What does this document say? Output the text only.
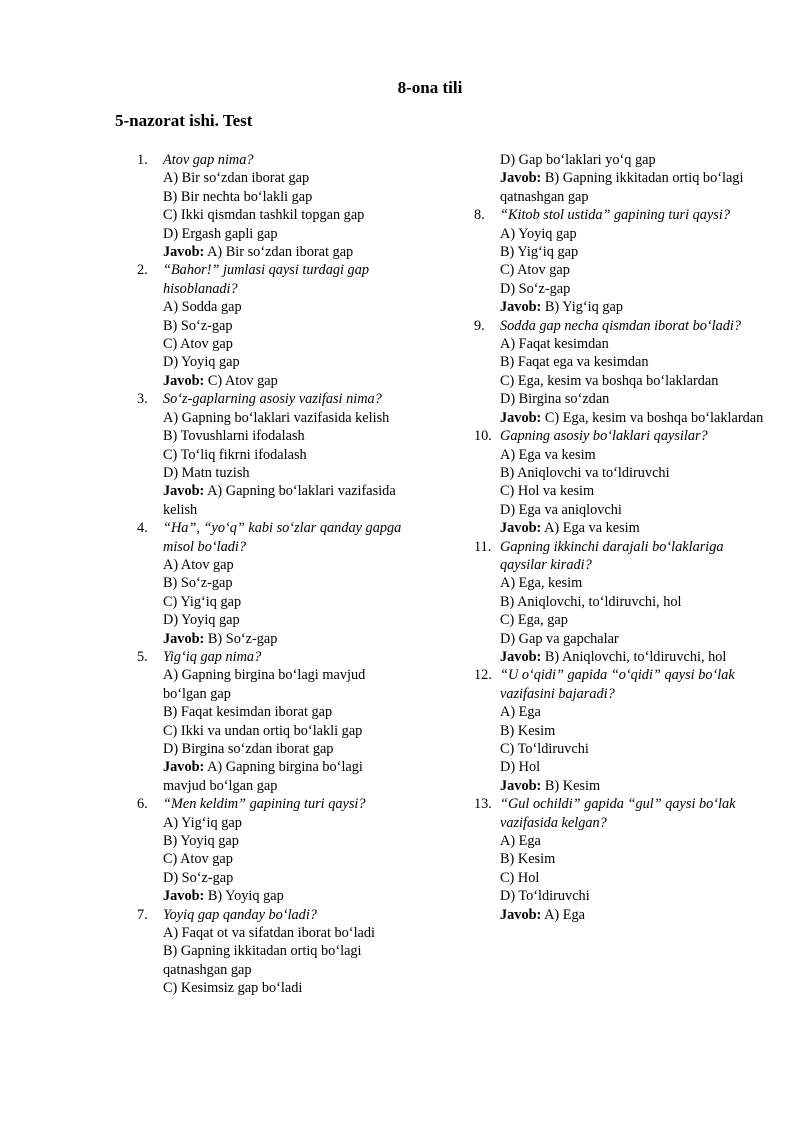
8-ona tili
5-nazorat ishi. Test
1. Atov gap nima?
A) Bir so‘zdan iborat gap
B) Bir nechta bo‘lakli gap
C) Ikki qismdan tashkil topgan gap
D) Ergash gapli gap
Javob: A) Bir so‘zdan iborat gap
2. “Bahor!” jumlasi qaysi turdagi gap hisoblanadi?
A) Sodda gap
B) So‘z-gap
C) Atov gap
D) Yoyiq gap
Javob: C) Atov gap
3. So‘z-gaplarning asosiy vazifasi nima?
A) Gapning bo‘laklari vazifasida kelish
B) Tovushlarni ifodalash
C) To‘liq fikrni ifodalash
D) Matn tuzish
Javob: A) Gapning bo‘laklari vazifasida kelish
4. “Ha”, “yo‘q” kabi so‘zlar qanday gapga misol bo‘ladi?
A) Atov gap
B) So‘z-gap
C) Yig‘iq gap
D) Yoyiq gap
Javob: B) So‘z-gap
5. Yig‘iq gap nima?
A) Gapning birgina bo‘lagi mavjud bo‘lgan gap
B) Faqat kesimdan iborat gap
C) Ikki va undan ortiq bo‘lakli gap
D) Birgina so‘zdan iborat gap
Javob: A) Gapning birgina bo‘lagi mavjud bo‘lgan gap
6. “Men keldim” gapining turi qaysi?
A) Yig‘iq gap
B) Yoyiq gap
C) Atov gap
D) So‘z-gap
Javob: B) Yoyiq gap
7. Yoyiq gap qanday bo‘ladi?
A) Faqat ot va sifatdan iborat bo‘ladi
B) Gapning ikkitadan ortiq bo‘lagi qatnashgan gap
C) Kesimsiz gap bo‘ladi
D) Gap bo‘laklari yo‘q gap
Javob: B) Gapning ikkitadan ortiq bo‘lagi qatnashgan gap
8. “Kitob stol ustida” gapining turi qaysi?
A) Yoyiq gap
B) Yig‘iq gap
C) Atov gap
D) So‘z-gap
Javob: B) Yig‘iq gap
9. Sodda gap necha qismdan iborat bo‘ladi?
A) Faqat kesimdan
B) Faqat ega va kesimdan
C) Ega, kesim va boshqa bo‘laklardan
D) Birgina so‘zdan
Javob: C) Ega, kesim va boshqa bo‘laklardan
10. Gapning asosiy bo‘laklari qaysilar?
A) Ega va kesim
B) Aniqlovchi va to‘ldiruvchi
C) Hol va kesim
D) Ega va aniqlovchi
Javob: A) Ega va kesim
11. Gapning ikkinchi darajali bo‘laklariga qaysilar kiradi?
A) Ega, kesim
B) Aniqlovchi, to‘ldiruvchi, hol
C) Ega, gap
D) Gap va gapchalar
Javob: B) Aniqlovchi, to‘ldiruvchi, hol
12. “U o‘qidi” gapida “o‘qidi” qaysi bo‘lak vazifasini bajaradi?
A) Ega
B) Kesim
C) To‘ldiruvchi
D) Hol
Javob: B) Kesim
13. “Gul ochildi” gapida “gul” qaysi bo‘lak vazifasida kelgan?
A) Ega
B) Kesim
C) Hol
D) To‘ldiruvchi
Javob: A) Ega
